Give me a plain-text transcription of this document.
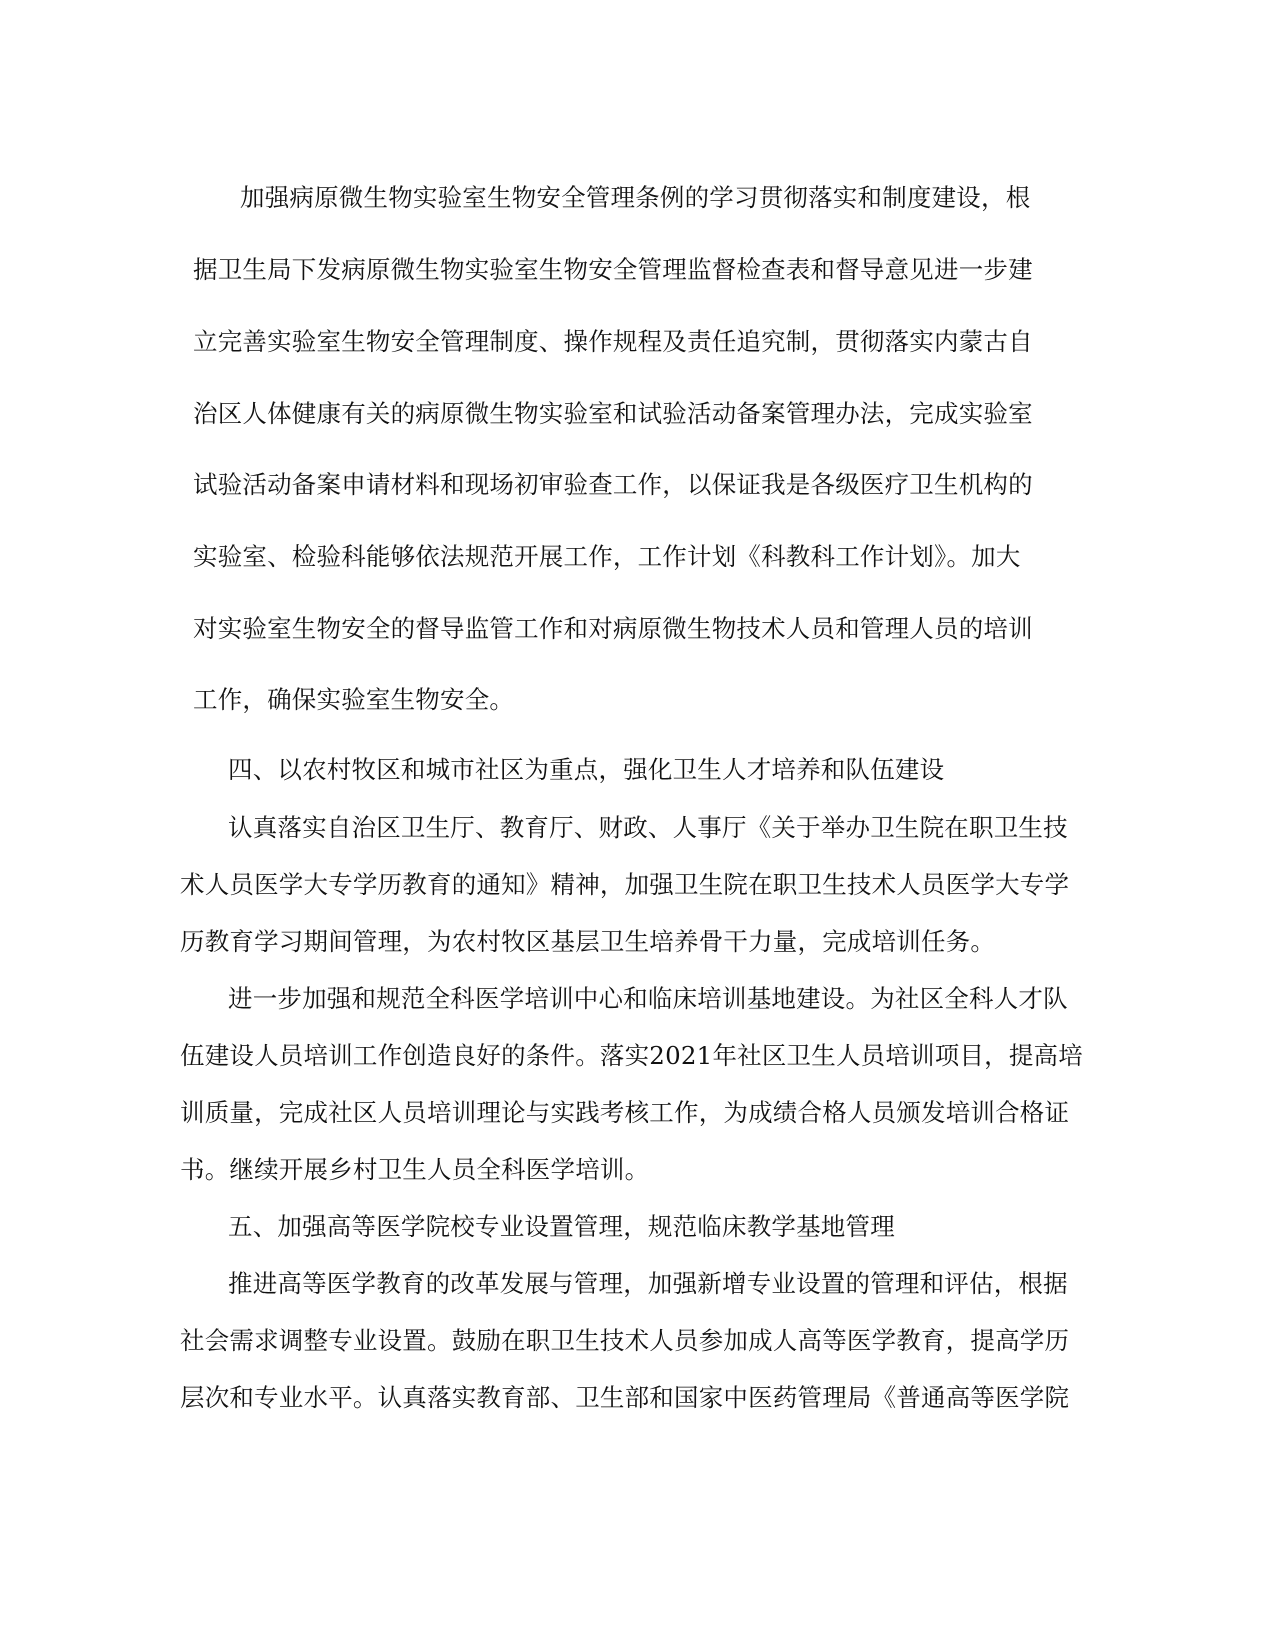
加强病原微生物实验室生物安全管理条例的学习贯彻落实和制度建设，根

据卫生局下发病原微生物实验室生物安全管理监督检查表和督导意见进一步建

立完善实验室生物安全管理制度、操作规程及责任追究制，贯彻落实内蒙古自

治区人体健康有关的病原微生物实验室和试验活动备案管理办法，完成实验室

试验活动备案申请材料和现场初审验查工作，以保证我是各级医疗卫生机构的

实验室、检验科能够依法规范开展工作，工作计划《科教科工作计划》。加大

对实验室生物安全的督导监管工作和对病原微生物技术人员和管理人员的培训

工作，确保实验室生物安全。

四、以农村牧区和城市社区为重点，强化卫生人才培养和队伍建设

认真落实自治区卫生厅、教育厅、财政、人事厅《关于举办卫生院在职卫生技

术人员医学大专学历教育的通知》精神，加强卫生院在职卫生技术人员医学大专学

历教育学习期间管理，为农村牧区基层卫生培养骨干力量，完成培训任务。

进一步加强和规范全科医学培训中心和临床培训基地建设。为社区全科人才队

伍建设人员培训工作创造良好的条件。落实2021年社区卫生人员培训项目，提高培

训质量，完成社区人员培训理论与实践考核工作，为成绩合格人员颁发培训合格证

书。继续开展乡村卫生人员全科医学培训。

五、加强高等医学院校专业设置管理，规范临床教学基地管理

推进高等医学教育的改革发展与管理，加强新增专业设置的管理和评估，根据

社会需求调整专业设置。鼓励在职卫生技术人员参加成人高等医学教育，提高学历

层次和专业水平。认真落实教育部、卫生部和国家中医药管理局《普通高等医学院
